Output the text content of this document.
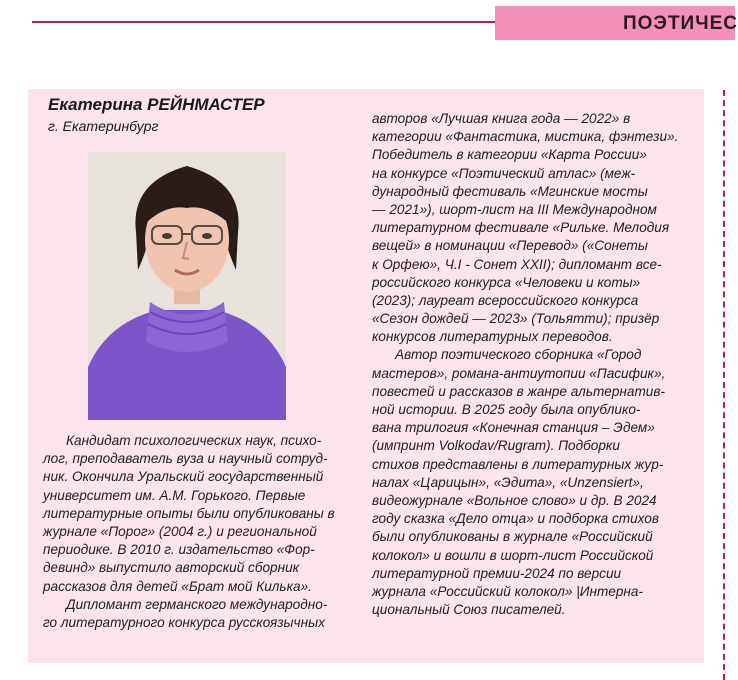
ПОЭТИЧЕС
Екатерина РЕЙНМАСТЕР
г. Екатеринбург
Кандидат психологических наук, психо-
лог, преподаватель вуза и научный сотруд-
ник. Окончила Уральский государственный
университет им. А.М. Горького. Первые
литературные опыты были опубликованы в
журнале «Порог» (2004 г.) и региональной
периодике. В 2010 г. издательство «Фор-
девинд» выпустило авторский сборник
рассказов для детей «Брат мой Килька».
Дипломант германского международно-
го литературного конкурса русскоязычных
авторов «Лучшая книга года — 2022» в
категории «Фантастика, мистика, фэнтези».
Победитель в категории «Карта России»
на конкурсе «Поэтический атлас» (меж-
дународный фестиваль «Мгинские мосты
— 2021»), шорт-лист на III Международном
литературном фестивале «Рильке. Мелодия
вещей» в номинации «Перевод» («Сонеты
к Орфею», Ч.I - Сонет XXII); дипломант все-
российского конкурса «Человеки и коты»
(2023); лауреат всероссийского конкурса
«Сезон дождей — 2023» (Тольятти); призёр
конкурсов литературных переводов.
Автор поэтического сборника «Город
мастеров», романа-антиутопии «Пасифик»,
повестей и рассказов в жанре альтернатив-
ной истории. В 2025 году была опублико-
вана трилогия «Конечная станция – Эдем»
(импринт Volkodav/Rugram). Подборки
стихов представлены в литературных жур-
налах «Царицын», «Эдита», «Unzensiert»,
видеожурнале «Вольное слово» и др. В 2024
году сказка «Дело отца» и подборка стихов
были опубликованы в журнале «Российский
колокол» и вошли в шорт-лист Российской
литературной премии-2024 по версии
журнала «Российский колокол» |Интерна-
циональный Союз писателей.
